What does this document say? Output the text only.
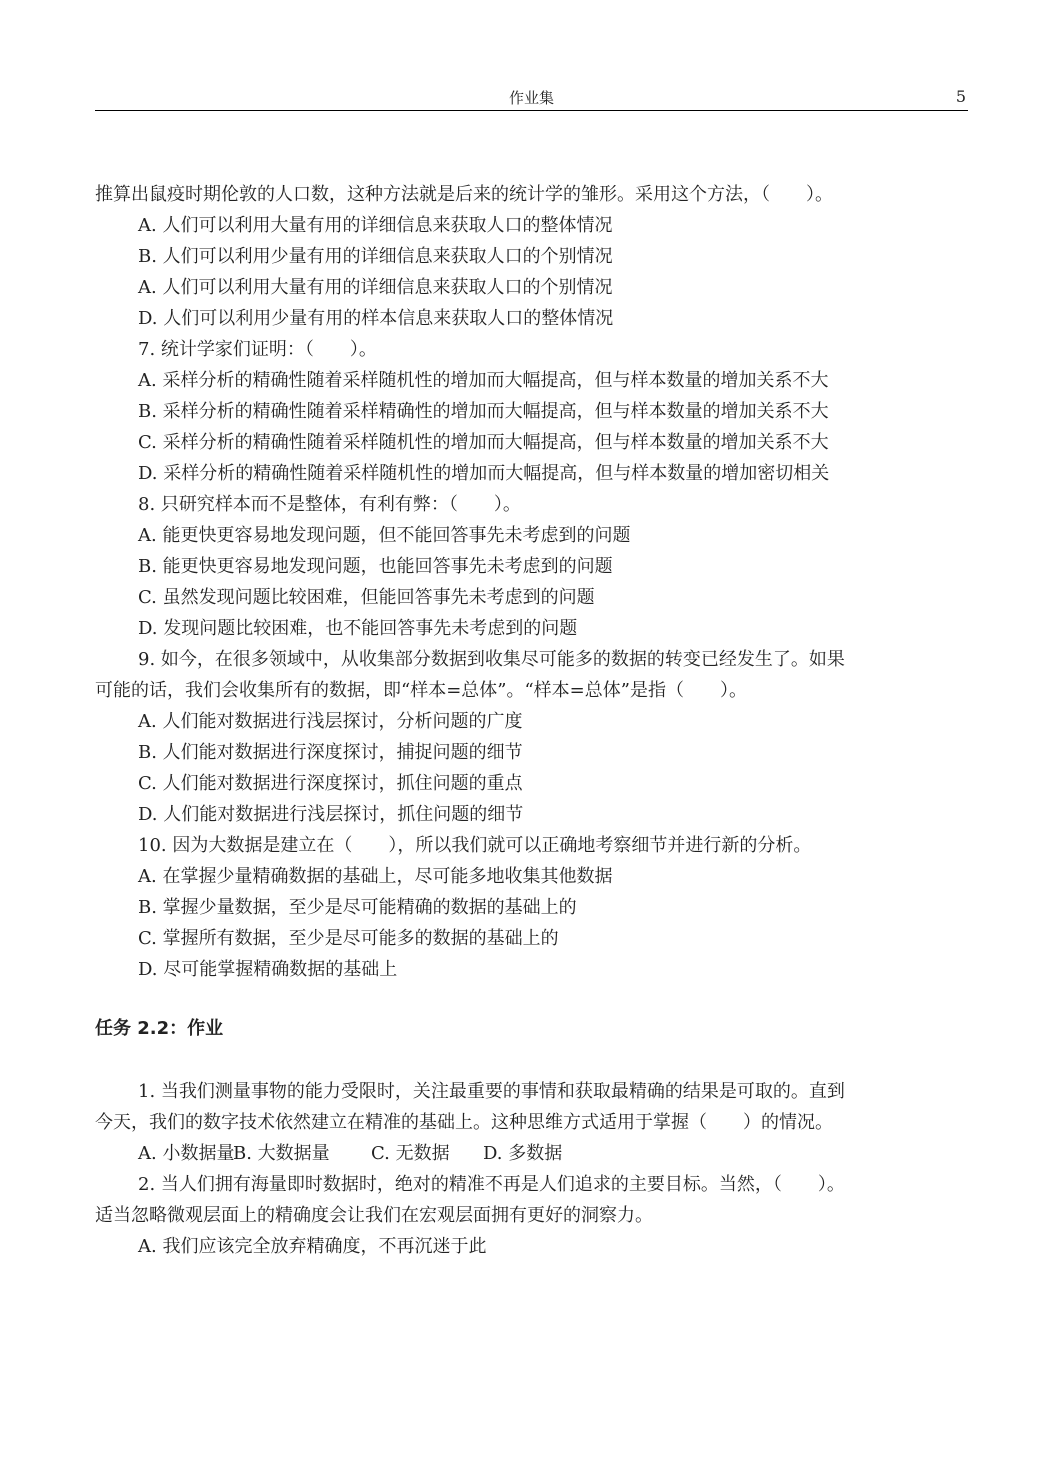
作业集	5
推算出鼠疫时期伦敦的人口数，这种方法就是后来的统计学的雏形。采用这个方法，（　　）。
A. 人们可以利用大量有用的详细信息来获取人口的整体情况
B. 人们可以利用少量有用的详细信息来获取人口的个别情况
A. 人们可以利用大量有用的详细信息来获取人口的个别情况
D. 人们可以利用少量有用的样本信息来获取人口的整体情况
7. 统计学家们证明：（　　）。
A. 采样分析的精确性随着采样随机性的增加而大幅提高，但与样本数量的增加关系不大
B. 采样分析的精确性随着采样精确性的增加而大幅提高，但与样本数量的增加关系不大
C. 采样分析的精确性随着采样随机性的增加而大幅提高，但与样本数量的增加关系不大
D. 采样分析的精确性随着采样随机性的增加而大幅提高，但与样本数量的增加密切相关
8. 只研究样本而不是整体，有利有弊：（　　）。
A. 能更快更容易地发现问题，但不能回答事先未考虑到的问题
B. 能更快更容易地发现问题，也能回答事先未考虑到的问题
C. 虽然发现问题比较困难，但能回答事先未考虑到的问题
D. 发现问题比较困难，也不能回答事先未考虑到的问题
9. 如今，在很多领域中，从收集部分数据到收集尽可能多的数据的转变已经发生了。如果
可能的话，我们会收集所有的数据，即“样本=总体”。“样本=总体”是指（　　）。
A. 人们能对数据进行浅层探讨，分析问题的广度
B. 人们能对数据进行深度探讨，捕捉问题的细节
C. 人们能对数据进行深度探讨，抓住问题的重点
D. 人们能对数据进行浅层探讨，抓住问题的细节
10. 因为大数据是建立在（　　），所以我们就可以正确地考察细节并进行新的分析。
A. 在掌握少量精确数据的基础上，尽可能多地收集其他数据
B. 掌握少量数据，至少是尽可能精确的数据的基础上的
C. 掌握所有数据，至少是尽可能多的数据的基础上的
D. 尽可能掌握精确数据的基础上
任务 2.2：作业
1. 当我们测量事物的能力受限时，关注最重要的事情和获取最精确的结果是可取的。直到
今天，我们的数字技术依然建立在精准的基础上。这种思维方式适用于掌握（　　）的情况。
A. 小数据量
B. 大数据量	C. 无数据	D. 多数据
2. 当人们拥有海量即时数据时，绝对的精准不再是人们追求的主要目标。当然，（　　）。
适当忽略微观层面上的精确度会让我们在宏观层面拥有更好的洞察力。
A. 我们应该完全放弃精确度，不再沉迷于此
